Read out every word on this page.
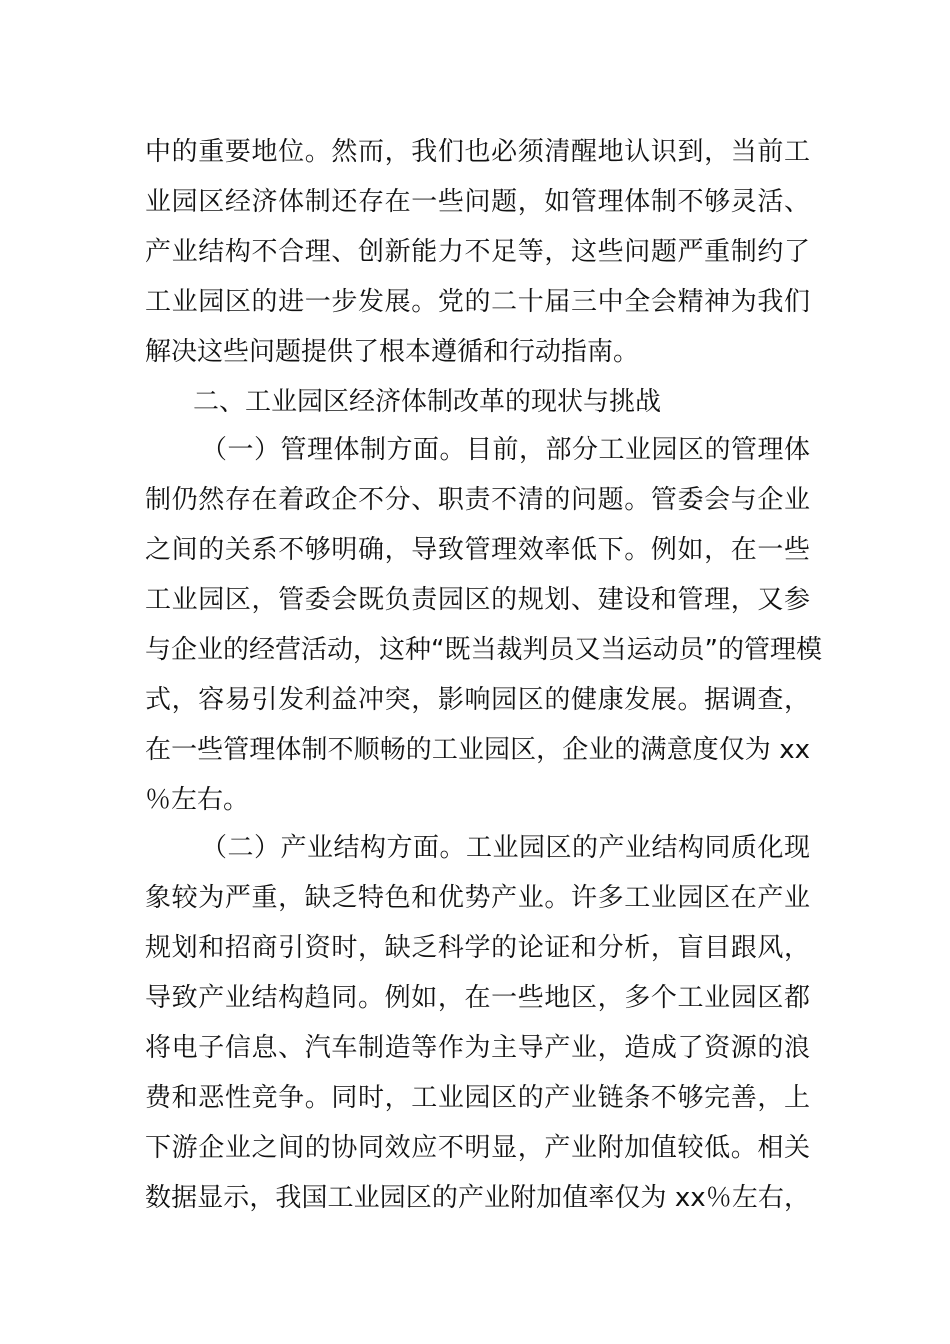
中的重要地位。然而，我们也必须清醒地认识到，当前工
业园区经济体制还存在一些问题，如管理体制不够灵活、
产业结构不合理、创新能力不足等，这些问题严重制约了
工业园区的进一步发展。党的二十届三中全会精神为我们
解决这些问题提供了根本遵循和行动指南。
二、工业园区经济体制改革的现状与挑战
（一）管理体制方面。目前，部分工业园区的管理体
制仍然存在着政企不分、职责不清的问题。管委会与企业
之间的关系不够明确，导致管理效率低下。例如，在一些
工业园区，管委会既负责园区的规划、建设和管理，又参
与企业的经营活动，这种“既当裁判员又当运动员”的管理模
式，容易引发利益冲突，影响园区的健康发展。据调查，
在一些管理体制不顺畅的工业园区，企业的满意度仅为 xx
％左右。
（二）产业结构方面。工业园区的产业结构同质化现
象较为严重，缺乏特色和优势产业。许多工业园区在产业
规划和招商引资时，缺乏科学的论证和分析，盲目跟风，
导致产业结构趋同。例如，在一些地区，多个工业园区都
将电子信息、汽车制造等作为主导产业，造成了资源的浪
费和恶性竞争。同时，工业园区的产业链条不够完善，上
下游企业之间的协同效应不明显，产业附加值较低。相关
数据显示，我国工业园区的产业附加值率仅为 xx％左右，
